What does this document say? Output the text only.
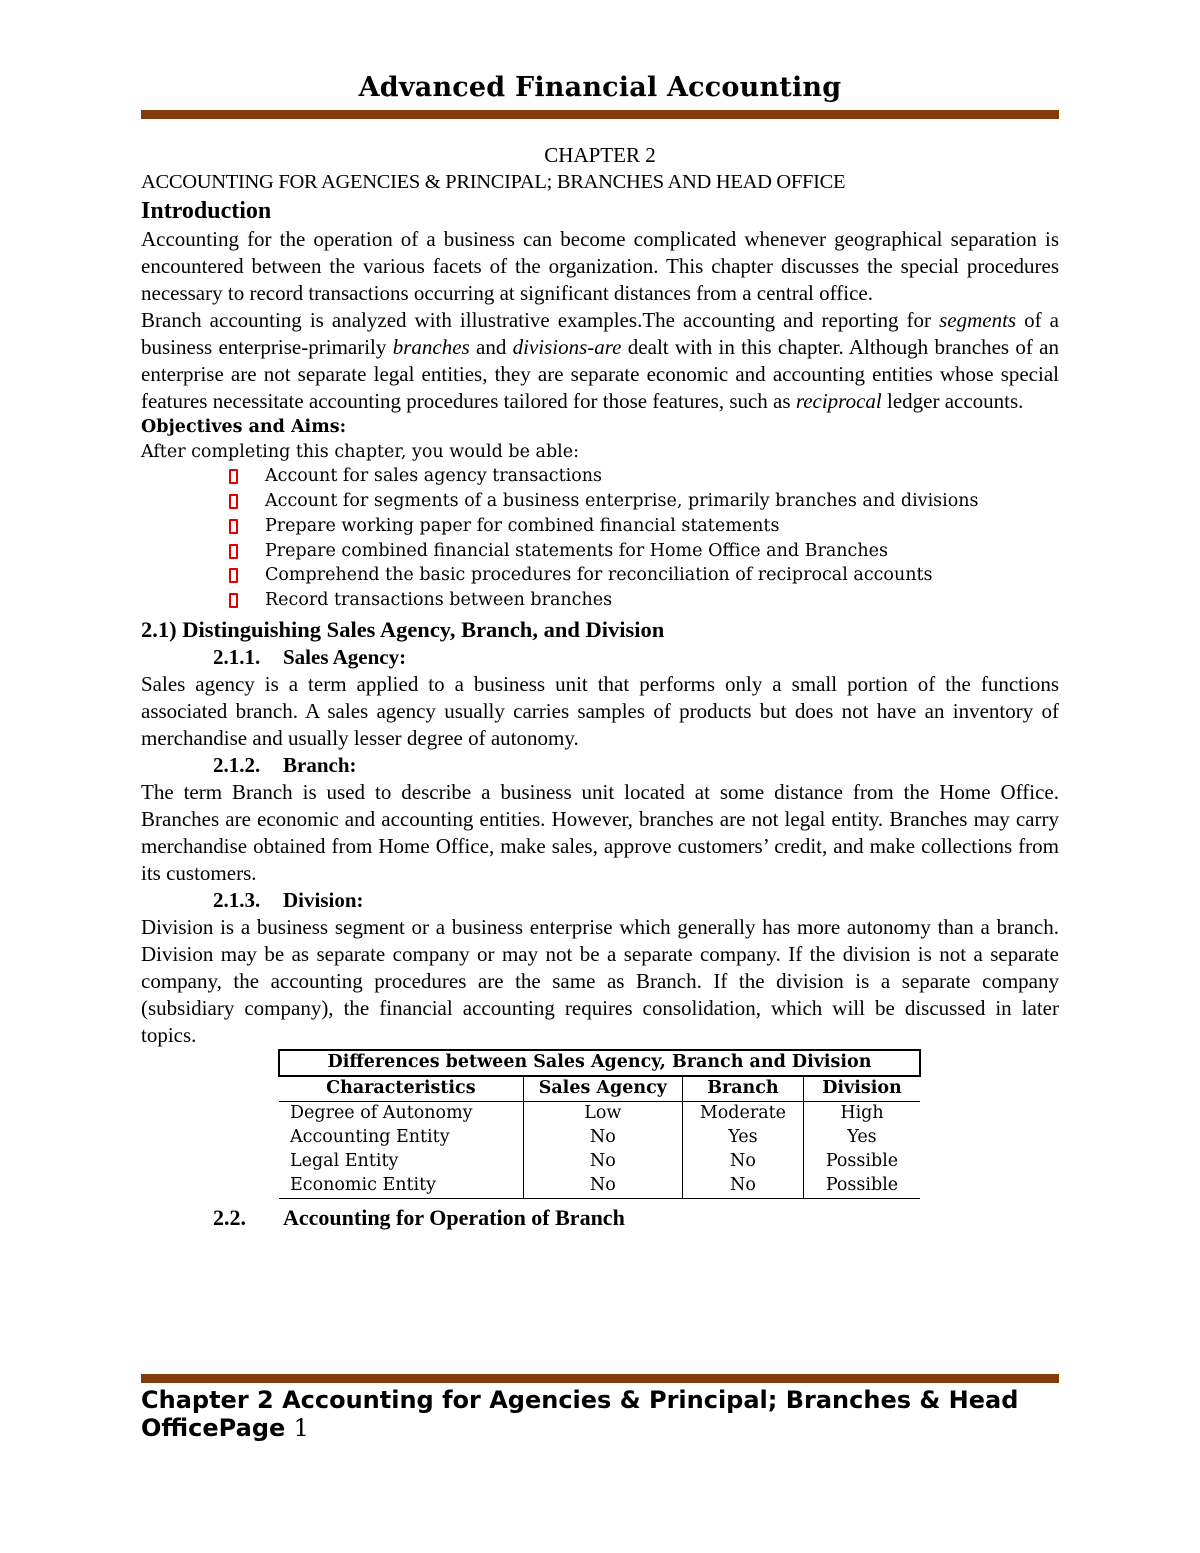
Advanced Financial Accounting
CHAPTER 2
ACCOUNTING FOR AGENCIES & PRINCIPAL; BRANCHES AND HEAD OFFICE
Introduction

Accounting for the operation of a business can become complicated whenever geographical separation is encountered between the various facets of the organization. This chapter discusses the special procedures necessary to record transactions occurring at significant distances from a central office.

Branch accounting is analyzed with illustrative examples.The accounting and reporting for segments of a business enterprise-primarily branches and divisions-are dealt with in this chapter. Although branches of an enterprise are not separate legal entities, they are separate economic and accounting entities whose special features necessitate accounting procedures tailored for those features, such as reciprocal ledger accounts.

Objectives and Aims:
After completing this chapter, you would be able:
Account for sales agency transactions
Account for segments of a business enterprise, primarily branches and divisions
Prepare working paper for combined financial statements
Prepare combined financial statements for Home Office and Branches
Comprehend the basic procedures for reconciliation of reciprocal accounts
Record transactions between branches
2.1) Distinguishing Sales Agency, Branch, and Division
2.1.1. Sales Agency:

Sales agency is a term applied to a business unit that performs only a small portion of the functions associated branch. A sales agency usually carries samples of products but does not have an inventory of merchandise and usually lesser degree of autonomy.

2.1.2. Branch:

The term Branch is used to describe a business unit located at some distance from the Home Office. Branches are economic and accounting entities. However, branches are not legal entity. Branches may carry merchandise obtained from Home Office, make sales, approve customers’ credit, and make collections from its customers.

2.1.3. Division:

Division is a business segment or a business enterprise which generally has more autonomy than a branch. Division may be as separate company or may not be a separate company. If the division is not a separate company, the accounting procedures are the same as Branch. If the division is a separate company (subsidiary company), the financial accounting requires consolidation, which will be discussed in later topics.

Differences between Sales Agency, Branch and Division			
Characteristics	Sales Agency	Branch	Division
Degree of Autonomy	Low	Moderate	High
Accounting Entity	No	Yes	Yes
Legal Entity	No	No	Possible
Economic Entity	No	No	Possible
2.2. Accounting for Operation of Branch
Chapter 2 Accounting for Agencies & Principal; Branches & Head OfficePage 1
